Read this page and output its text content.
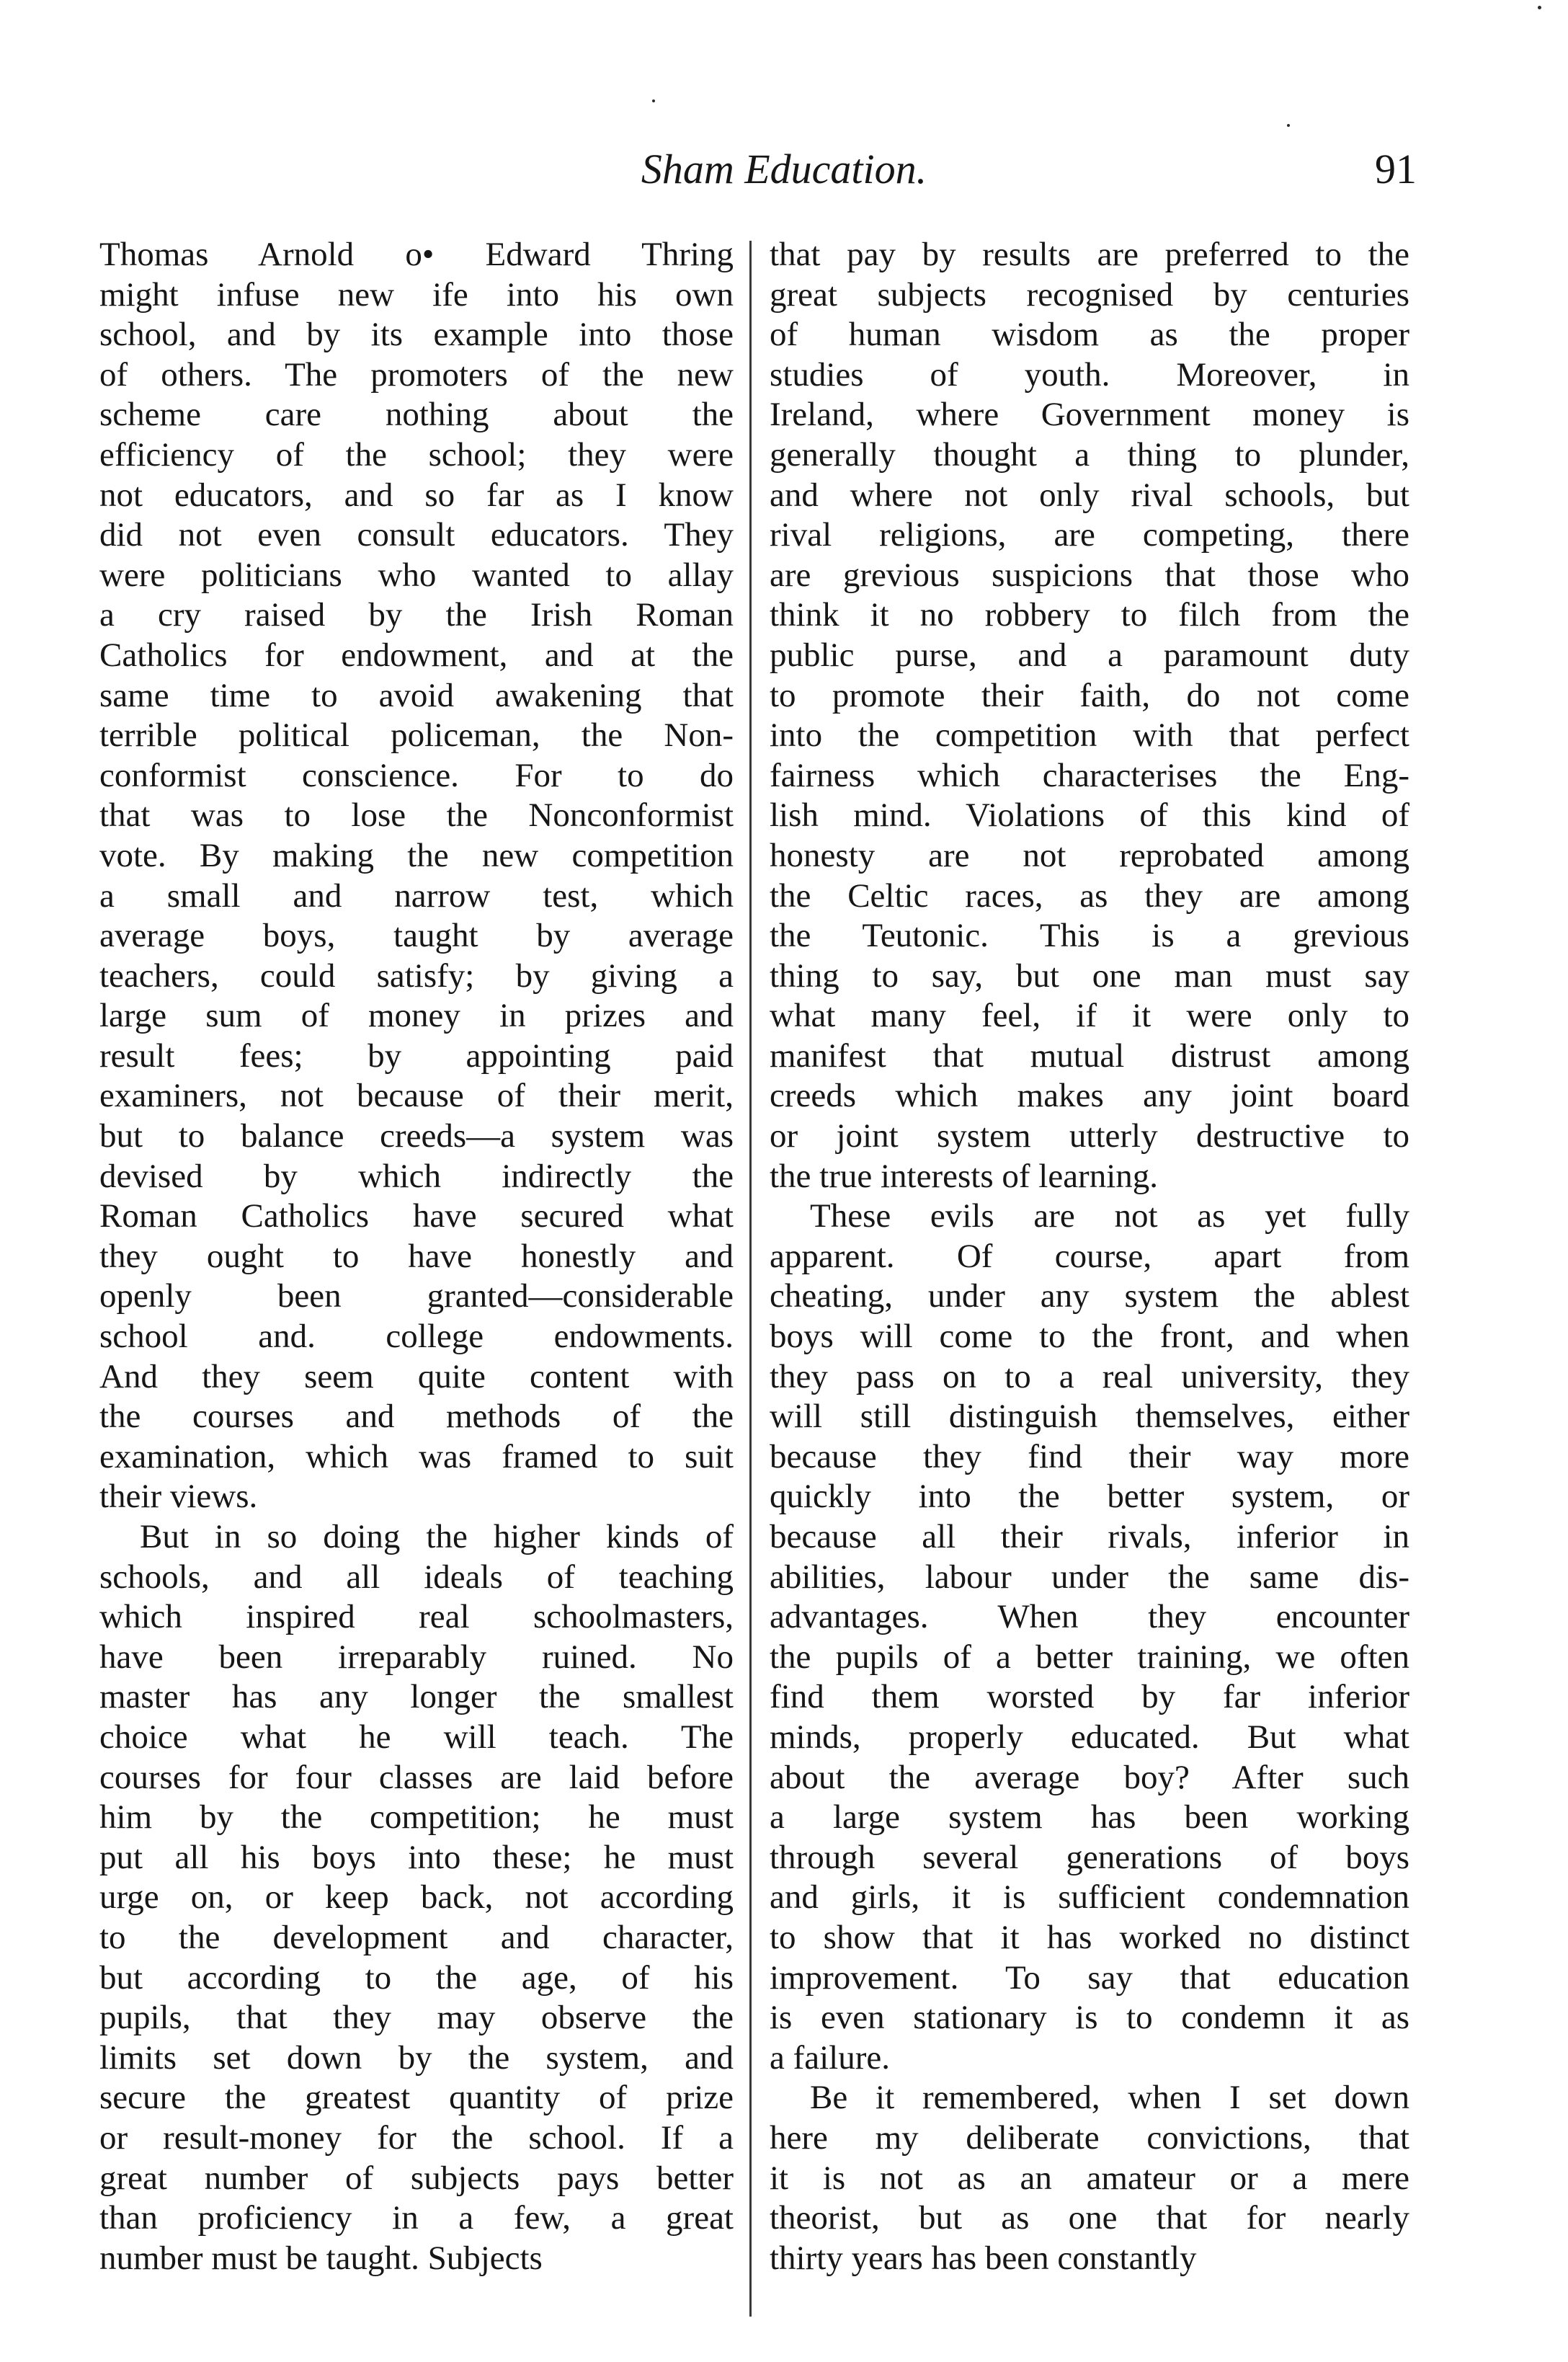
Sham Education.	91
Thomas Arnold o• Edward Thring
might infuse new ife into his own
school, and by its example into those
of others. The promoters of the new
scheme care nothing about the
efficiency of the school; they were
not educators, and so far as I know
did not even consult educators. They
were politicians who wanted to allay
a cry raised by the Irish Roman
Catholics for endowment, and at the
same time to avoid awakening that
terrible political policeman, the Non-
conformist conscience. For to do
that was to lose the Nonconformist
vote. By making the new competition
a small and narrow test, which
average boys, taught by average
teachers, could satisfy; by giving a
large sum of money in prizes and
result fees; by appointing paid
examiners, not because of their merit,
but to balance creeds—a system was
devised by which indirectly the
Roman Catholics have secured what
they ought to have honestly and
openly been granted—considerable
school and. college endowments.
And they seem quite content with
the courses and methods of the
examination, which was framed to suit
their views.
But in so doing the higher kinds of
schools, and all ideals of teaching
which inspired real schoolmasters,
have been irreparably ruined. No
master has any longer the smallest
choice what he will teach. The
courses for four classes are laid before
him by the competition; he must
put all his boys into these; he must
urge on, or keep back, not according
to the development and character,
but according to the age, of his
pupils, that they may observe the
limits set down by the system, and
secure the greatest quantity of prize
or result-money for the school. If a
great number of subjects pays better
than proficiency in a few, a great
number must be taught. Subjects
that pay by results are preferred to the
great subjects recognised by centuries
of human wisdom as the proper
studies of youth. Moreover, in
Ireland, where Government money is
generally thought a thing to plunder,
and where not only rival schools, but
rival religions, are competing, there
are grevious suspicions that those who
think it no robbery to filch from the
public purse, and a paramount duty
to promote their faith, do not come
into the competition with that perfect
fairness which characterises the Eng-
lish mind. Violations of this kind of
honesty are not reprobated among
the Celtic races, as they are among
the Teutonic. This is a grevious
thing to say, but one man must say
what many feel, if it were only to
manifest that mutual distrust among
creeds which makes any joint board
or joint system utterly destructive to
the true interests of learning.
These evils are not as yet fully
apparent. Of course, apart from
cheating, under any system the ablest
boys will come to the front, and when
they pass on to a real university, they
will still distinguish themselves, either
because they find their way more
quickly into the better system, or
because all their rivals, inferior in
abilities, labour under the same dis-
advantages. When they encounter
the pupils of a better training, we often
find them worsted by far inferior
minds, properly educated. But what
about the average boy? After such
a large system has been working
through several generations of boys
and girls, it is sufficient condemnation
to show that it has worked no distinct
improvement. To say that education
is even stationary is to condemn it as
a failure.
Be it remembered, when I set down
here my deliberate convictions, that
it is not as an amateur or a mere
theorist, but as one that for nearly
thirty years has been constantly
